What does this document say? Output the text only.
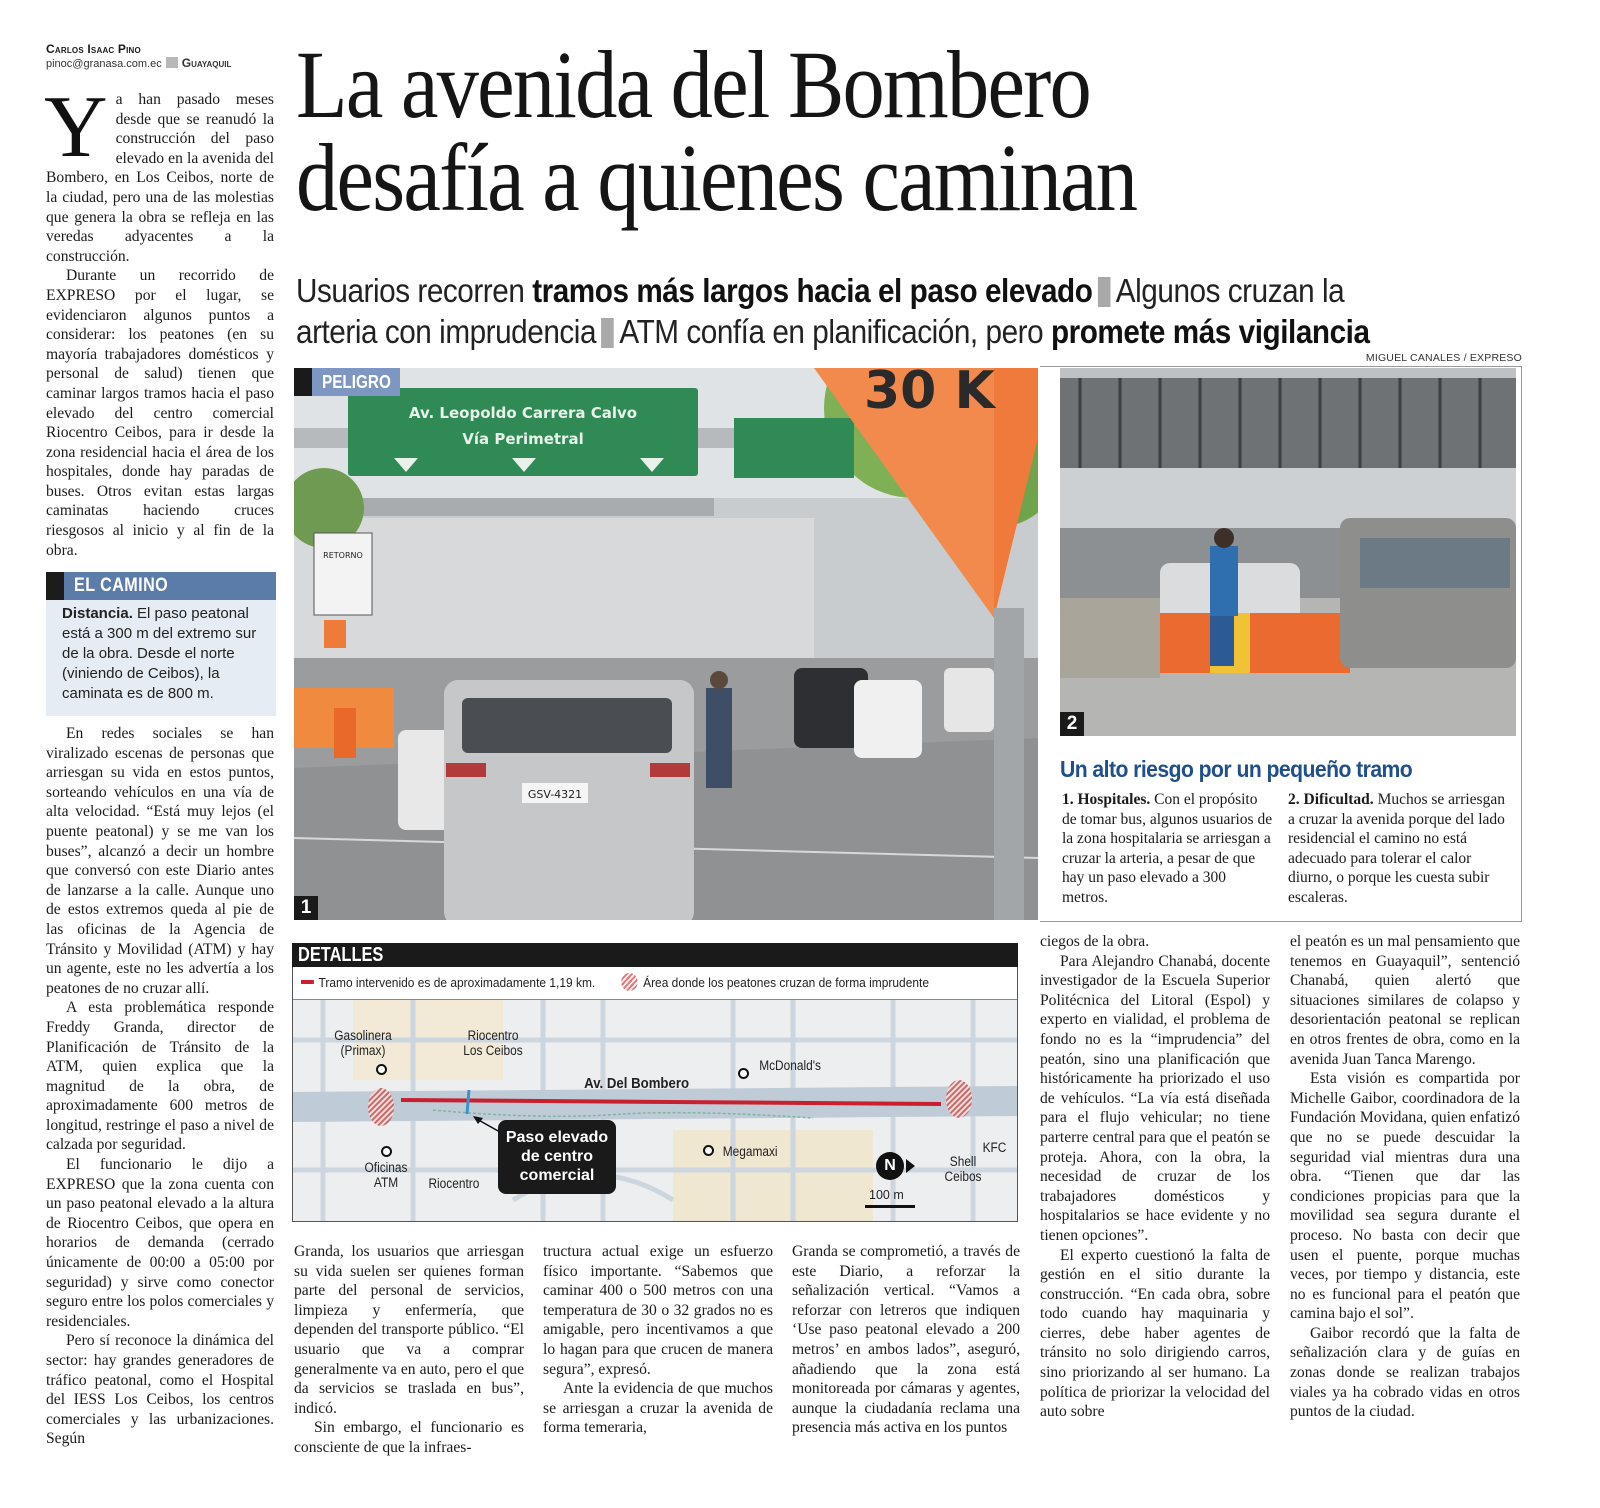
Carlos Isaac Pino
pinoc@granasa.com.ec Guayaquil La avenida del Bombero
desafía a quienes caminan
Usuarios recorren tramos más largos hacia el paso elevado Algunos cruzan la
arteria con imprudencia ATM confía en planificación, pero promete más vigilancia
MIGUEL CANALES / EXPRESO

Ya han pasado meses desde que se reanudó la construcción del paso elevado en la avenida del Bombero, en Los Ceibos, norte de la ciudad, pero una de las molestias que genera la obra se refleja en las veredas adyacentes a la construcción.

Durante un recorrido de EXPRESO por el lugar, se evidenciaron algunos puntos a considerar: los peatones (en su mayoría trabajadores domésticos y personal de salud) tienen que caminar largos tramos hacia el paso elevado del centro comercial Riocentro Ceibos, para ir desde la zona residencial hacia el área de los hospitales, donde hay paradas de buses. Otros evitan estas largas caminatas haciendo cruces riesgosos al inicio y al fin de la obra.

EL CAMINO
Distancia. El paso peatonal está a 300 m del extremo sur de la obra. Desde el norte (viniendo de Ceibos), la caminata es de 800 m.

En redes sociales se han viralizado escenas de personas que arriesgan su vida en estos puntos, sorteando vehículos en una vía de alta velocidad. “Está muy lejos (el puente peatonal) y se me van los buses”, alcanzó a decir un hombre que conversó con este Diario antes de lanzarse a la calle. Aunque uno de estos extremos queda al pie de las oficinas de la Agencia de Tránsito y Movilidad (ATM) y hay un agente, este no les advertía a los peatones de no cruzar allí.

A esta problemática responde Freddy Granda, director de Planificación de Tránsito de la ATM, quien explica que la magnitud de la obra, de aproximadamente 600 metros de longitud, restringe el paso a nivel de calzada por seguridad.

El funcionario le dijo a EXPRESO que la zona cuenta con un paso peatonal elevado a la altura de Riocentro Ceibos, que opera en horarios de demanda (cerrado únicamente de 00:00 a 05:00 por seguridad) y sirve como conector seguro entre los polos comerciales y residenciales.

Pero sí reconoce la dinámica del sector: hay grandes generadores de tráfico peatonal, como el Hospital del IESS Los Ceibos, los centros comerciales y las urbanizaciones. Según

Av. Leopoldo Carrera Calvo
Vía Perimetral
RETORNO
30 K
GSV-4321
PELIGRO
1
2
Un alto riesgo por un pequeño tramo
1. Hospitales. Con el propósito de tomar bus, algunos usuarios de la zona hospitalaria se arriesgan a cruzar la arteria, a pesar de que hay un paso elevado a 300 metros.
2. Dificultad. Muchos se arriesgan a cruzar la avenida porque del lado residencial el camino no está adecuado para tolerar el calor diurno, o porque les cuesta subir escaleras.
DETALLES
Tramo intervenido es de aproximadamente 1,19 km.	Área donde los peatones cruzan de forma imprudente
Gasolinera
(Primax)
Riocentro
Los Ceibos
McDonald's
Av. Del Bombero
Oficinas
ATM	Riocentro
Megamaxi
Shell
Ceibos
KFC
Paso elevado
de centro
comercial
N
100 m

Granda, los usuarios que arriesgan su vida suelen ser quienes forman parte del personal de servicios, limpieza y enfermería, que dependen del transporte público. “El usuario que va a comprar generalmente va en auto, pero el que da servicios se traslada en bus”, indicó.

Sin embargo, el funcionario es consciente de que la infraes-

tructura actual exige un esfuerzo físico importante. “Sabemos que caminar 400 o 500 metros con una temperatura de 30 o 32 grados no es amigable, pero incentivamos a que lo hagan para que crucen de manera segura”, expresó.

Ante la evidencia de que muchos se arriesgan a cruzar la avenida de forma temeraria,

Granda se comprometió, a través de este Diario, a reforzar la señalización vertical. “Vamos a reforzar con letreros que indiquen ‘Use paso peatonal elevado a 200 metros’ en ambos lados”, aseguró, añadiendo que la zona está monitoreada por cámaras y agentes, aunque la ciudadanía reclama una presencia más activa en los puntos

ciegos de la obra.

Para Alejandro Chanabá, docente investigador de la Escuela Superior Politécnica del Litoral (Espol) y experto en vialidad, el problema de fondo no es la “imprudencia” del peatón, sino una planificación que históricamente ha priorizado el uso de vehículos. “La vía está diseñada para el flujo vehicular; no tiene parterre central para que el peatón se proteja. Ahora, con la obra, la necesidad de cruzar de los trabajadores domésticos y hospitalarios se hace evidente y no tienen opciones”.

El experto cuestionó la falta de gestión en el sitio durante la construcción. “En cada obra, sobre todo cuando hay maquinaria y cierres, debe haber agentes de tránsito no solo dirigiendo carros, sino priorizando al ser humano. La política de priorizar la velocidad del auto sobre

el peatón es un mal pensamiento que tenemos en Guayaquil”, sentenció Chanabá, quien alertó que situaciones similares de colapso y desorientación peatonal se replican en otros frentes de obra, como en la avenida Juan Tanca Marengo.

Esta visión es compartida por Michelle Gaibor, coordinadora de la Fundación Movidana, quien enfatizó que no se puede descuidar la seguridad vial mientras dura una obra. “Tienen que dar las condiciones propicias para que la movilidad sea segura durante el proceso. No basta con decir que usen el puente, porque muchas veces, por tiempo y distancia, este no es funcional para el peatón que camina bajo el sol”.

Gaibor recordó que la falta de señalización clara y de guías en zonas donde se realizan trabajos viales ya ha cobrado vidas en otros puntos de la ciudad.
